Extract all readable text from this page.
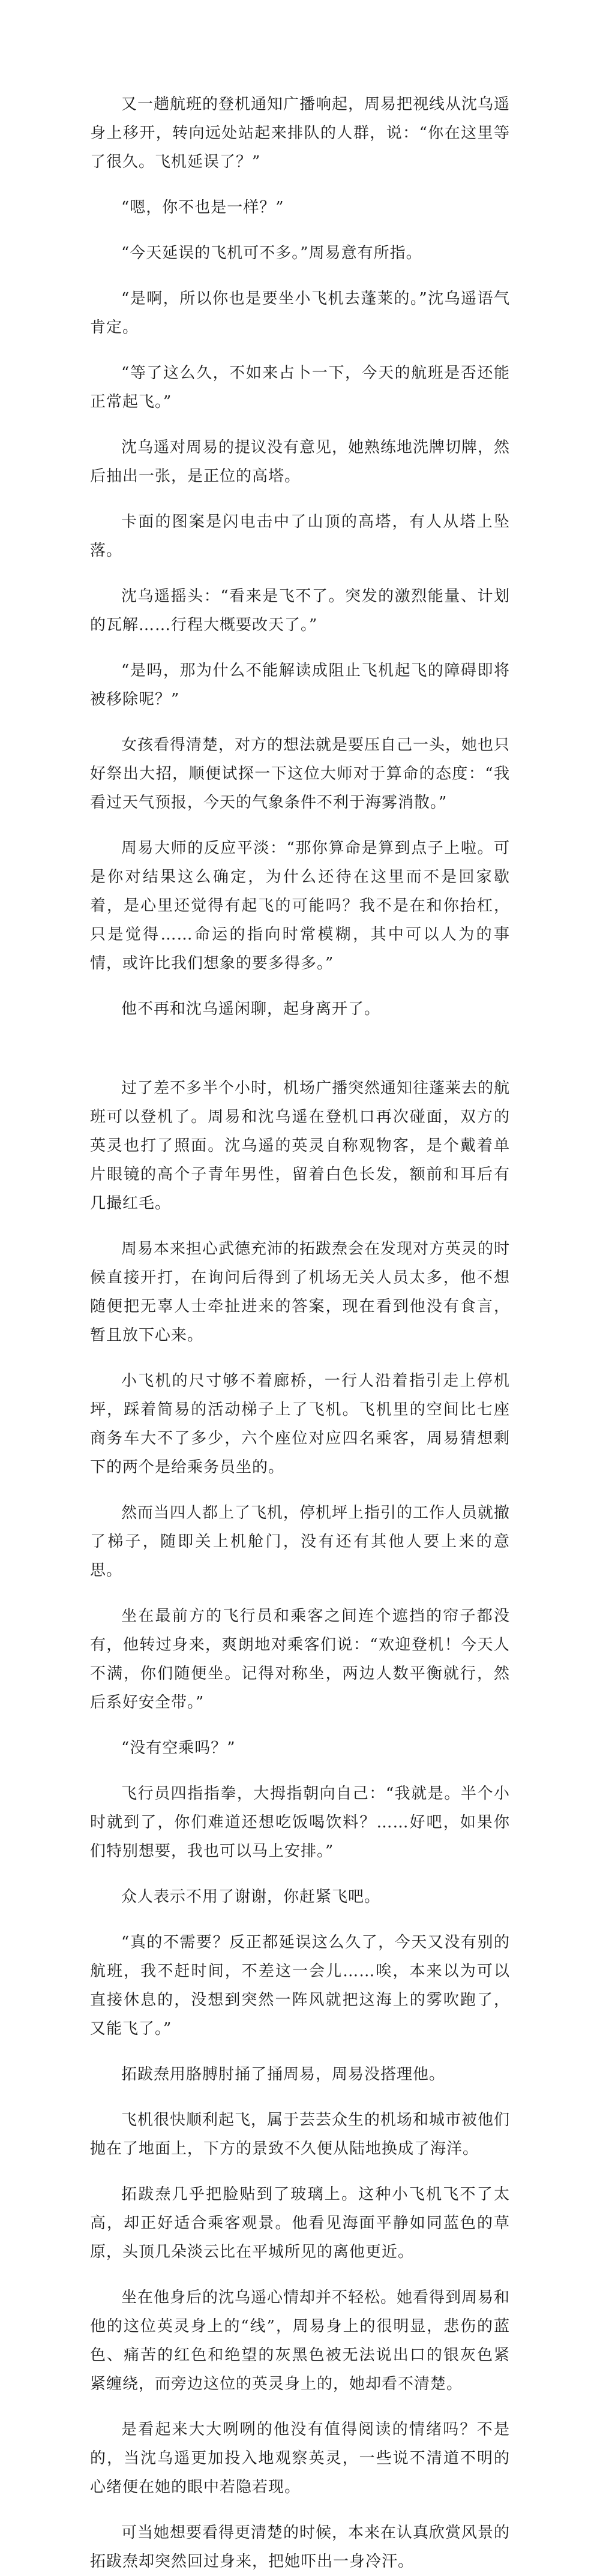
又一趟航班的登机通知广播响起，周易把视线从沈乌遥身上移开，转向远处站起来排队的人群，说：“你在这里等了很久。飞机延误了？”

“嗯，你不也是一样？”

“今天延误的飞机可不多。”周易意有所指。

“是啊，所以你也是要坐小飞机去蓬莱的。”沈乌遥语气肯定。

“等了这么久，不如来占卜一下，今天的航班是否还能正常起飞。”

沈乌遥对周易的提议没有意见，她熟练地洗牌切牌，然后抽出一张，是正位的高塔。

卡面的图案是闪电击中了山顶的高塔，有人从塔上坠落。

沈乌遥摇头：“看来是飞不了。突发的激烈能量、计划的瓦解……行程大概要改天了。”

“是吗，那为什么不能解读成阻止飞机起飞的障碍即将被移除呢？”

女孩看得清楚，对方的想法就是要压自己一头，她也只好祭出大招，顺便试探一下这位大师对于算命的态度：“我看过天气预报，今天的气象条件不利于海雾消散。”

周易大师的反应平淡：“那你算命是算到点子上啦。可是你对结果这么确定，为什么还待在这里而不是回家歇着，是心里还觉得有起飞的可能吗？我不是在和你抬杠，只是觉得……命运的指向时常模糊，其中可以人为的事情，或许比我们想象的要多得多。”

他不再和沈乌遥闲聊，起身离开了。

过了差不多半个小时，机场广播突然通知往蓬莱去的航班可以登机了。周易和沈乌遥在登机口再次碰面，双方的英灵也打了照面。沈乌遥的英灵自称观物客，是个戴着单片眼镜的高个子青年男性，留着白色长发，额前和耳后有几撮红毛。

周易本来担心武德充沛的拓跋焘会在发现对方英灵的时候直接开打，在询问后得到了机场无关人员太多，他不想随便把无辜人士牵扯进来的答案，现在看到他没有食言，暂且放下心来。

小飞机的尺寸够不着廊桥，一行人沿着指引走上停机坪，踩着简易的活动梯子上了飞机。飞机里的空间比七座商务车大不了多少，六个座位对应四名乘客，周易猜想剩下的两个是给乘务员坐的。

然而当四人都上了飞机，停机坪上指引的工作人员就撤了梯子，随即关上机舱门，没有还有其他人要上来的意思。

坐在最前方的飞行员和乘客之间连个遮挡的帘子都没有，他转过身来，爽朗地对乘客们说：“欢迎登机！今天人不满，你们随便坐。记得对称坐，两边人数平衡就行，然后系好安全带。”

“没有空乘吗？”

飞行员四指指拳，大拇指朝向自己：“我就是。半个小时就到了，你们难道还想吃饭喝饮料？……好吧，如果你们特别想要，我也可以马上安排。”

众人表示不用了谢谢，你赶紧飞吧。

“真的不需要？反正都延误这么久了，今天又没有别的航班，我不赶时间，不差这一会儿……唉，本来以为可以直接休息的，没想到突然一阵风就把这海上的雾吹跑了，又能飞了。”

拓跋焘用胳膊肘捅了捅周易，周易没搭理他。

飞机很快顺利起飞，属于芸芸众生的机场和城市被他们抛在了地面上，下方的景致不久便从陆地换成了海洋。

拓跋焘几乎把脸贴到了玻璃上。这种小飞机飞不了太高，却正好适合乘客观景。他看见海面平静如同蓝色的草原，头顶几朵淡云比在平城所见的离他更近。

坐在他身后的沈乌遥心情却并不轻松。她看得到周易和他的这位英灵身上的“线”，周易身上的很明显，悲伤的蓝色、痛苦的红色和绝望的灰黑色被无法说出口的银灰色紧紧缠绕，而旁边这位的英灵身上的，她却看不清楚。

是看起来大大咧咧的他没有值得阅读的情绪吗？不是的，当沈乌遥更加投入地观察英灵，一些说不清道不明的心绪便在她的眼中若隐若现。

可当她想要看得更清楚的时候，本来在认真欣赏风景的拓跋焘却突然回过身来，把她吓出一身冷汗。
